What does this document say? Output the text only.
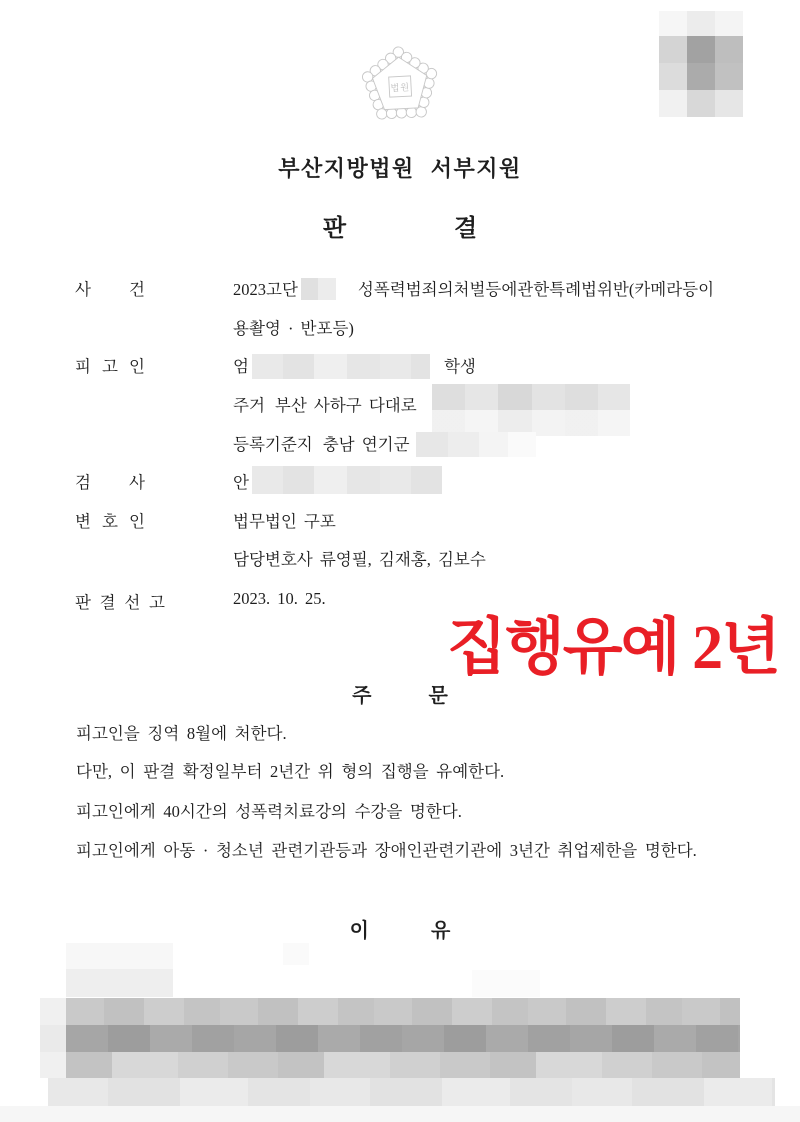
법원
부산지방법원 서부지원
판	결
사 건	2023고단	성폭력범죄의처벌등에관한특례법위반(카메라등이
용촬영 · 반포등)
피 고 인	엄	학생
주거 부산 사하구 다대로
등록기준지 충남 연기군
검 사	안
변 호 인	법무법인 구포
담당변호사 류영필, 김재홍, 김보수
판 결 선 고	2023. 10. 25.
집행유예 2년
주	문
피고인을 징역 8월에 처한다.
다만, 이 판결 확정일부터 2년간 위 형의 집행을 유예한다.
피고인에게 40시간의 성폭력치료강의 수강을 명한다.
피고인에게 아동 · 청소년 관련기관등과 장애인관련기관에 3년간 취업제한을 명한다.
이	유
